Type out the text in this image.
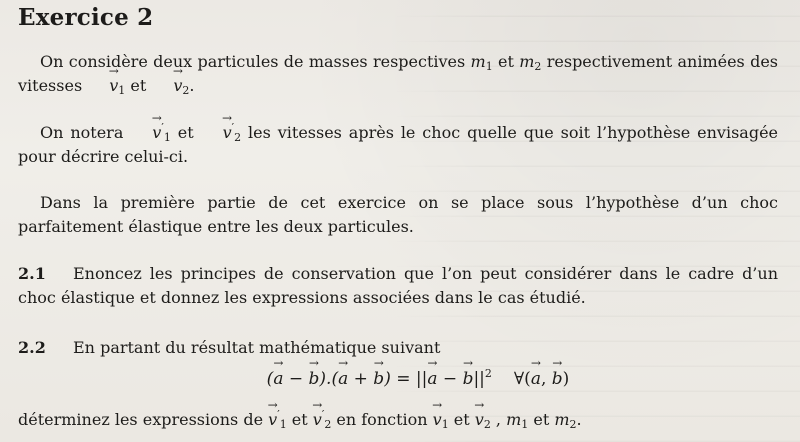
Exercice 2
On considère deux particules de masses respectives $m_1$ et $m_2$ respectivement animées des vitesses → $v_1$ et → $v_2$.
On notera → $v'_1$ et → $v'_2$ les vitesses après le choc quelle que soit l’hypothèse envisagée pour décrire celui-ci.
Dans la première partie de cet exercice on se place sous l’hypothèse d’un choc parfaitement élastique entre les deux particules.
2.1 Enoncez les principes de conservation que l’on peut considérer dans le cadre d’un choc élastique et donnez les expressions associées dans le cas étudié.
2.2 En partant du résultat mathématique suivant
(→ a − → b).(→ a + → b) = ||→ a − → $b||^2$ ∀(→ a, → b)
déterminez les expressions de → $v'_1$ et → $v'_2$ en fonction → $v_1$ et → $v_2$ , $m_1$ et $m_2$.
